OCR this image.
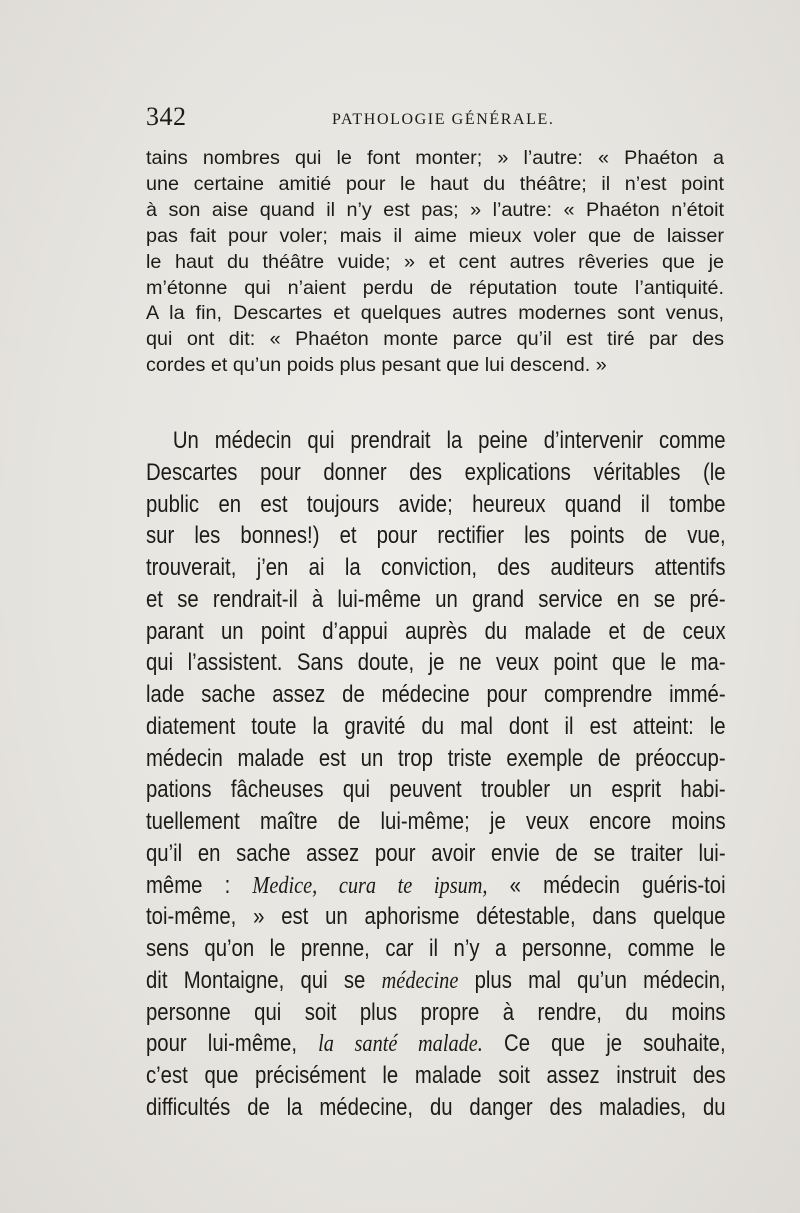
342	PATHOLOGIE GÉNÉRALE.
tains nombres qui le font monter; » l’autre: « Phaéton a
une certaine amitié pour le haut du théâtre; il n’est point
à son aise quand il n’y est pas; » l’autre: « Phaéton n’étoit
pas fait pour voler; mais il aime mieux voler que de laisser
le haut du théâtre vuide; » et cent autres rêveries que je
m’étonne qui n’aient perdu de réputation toute l’antiquité.
A la fin, Descartes et quelques autres modernes sont venus,
qui ont dit: « Phaéton monte parce qu’il est tiré par des
cordes et qu’un poids plus pesant que lui descend. »
Un médecin qui prendrait la peine d’intervenir comme
Descartes pour donner des explications véritables (le
public en est toujours avide; heureux quand il tombe
sur les bonnes!) et pour rectifier les points de vue,
trouverait, j’en ai la conviction, des auditeurs attentifs
et se rendrait-il à lui-même un grand service en se pré-
parant un point d’appui auprès du malade et de ceux
qui l’assistent. Sans doute, je ne veux point que le ma-
lade sache assez de médecine pour comprendre immé-
diatement toute la gravité du mal dont il est atteint: le
médecin malade est un trop triste exemple de préoccup-
pations fâcheuses qui peuvent troubler un esprit habi-
tuellement maître de lui-même; je veux encore moins
qu’il en sache assez pour avoir envie de se traiter lui-
même : Medice, cura te ipsum, « médecin guéris-toi
toi-même, » est un aphorisme détestable, dans quelque
sens qu’on le prenne, car il n’y a personne, comme le
dit Montaigne, qui se médecine plus mal qu’un médecin,
personne qui soit plus propre à rendre, du moins
pour lui-même, la santé malade. Ce que je souhaite,
c’est que précisément le malade soit assez instruit des
difficultés de la médecine, du danger des maladies, du
